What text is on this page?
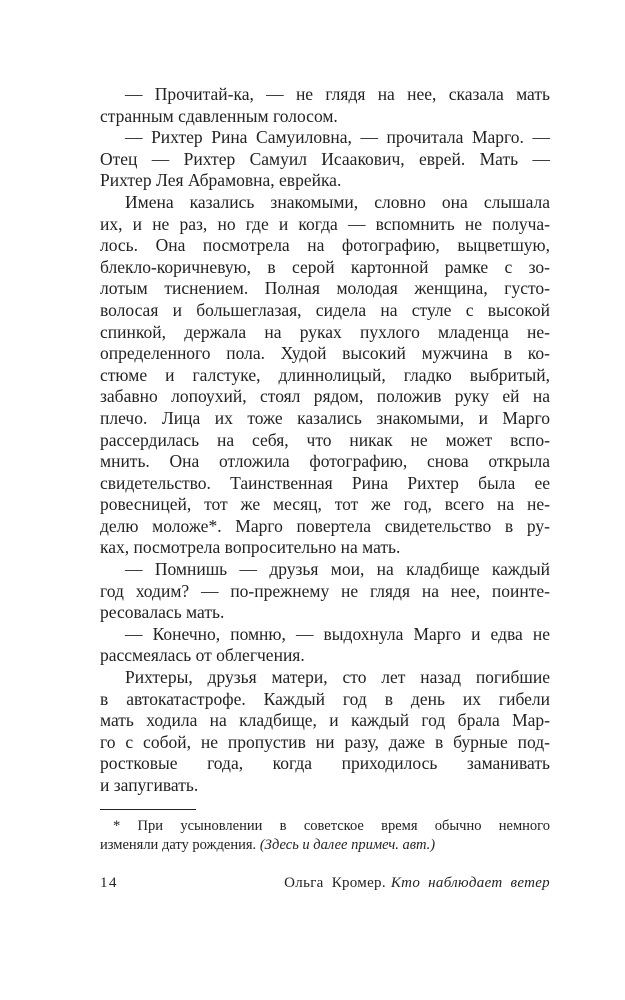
— Прочитай-ка, — не глядя на нее, сказала мать
странным сдавленным голосом.
— Рихтер Рина Самуиловна, — прочитала Марго. —
Отец — Рихтер Самуил Исаакович, еврей. Мать —
Рихтер Лея Абрамовна, еврейка.
Имена казались знакомыми, словно она слышала
их, и не раз, но где и когда — вспомнить не получа-
лось. Она посмотрела на фотографию, выцветшую,
блекло-коричневую, в серой картонной рамке с зо-
лотым тиснением. Полная молодая женщина, густо-
волосая и большеглазая, сидела на стуле с высокой
спинкой, держала на руках пухлого младенца не-
определенного пола. Худой высокий мужчина в ко-
стюме и галстуке, длиннолицый, гладко выбритый,
забавно лопоухий, стоял рядом, положив руку ей на
плечо. Лица их тоже казались знакомыми, и Марго
рассердилась на себя, что никак не может вспо-
мнить. Она отложила фотографию, снова открыла
свидетельство. Таинственная Рина Рихтер была ее
ровесницей, тот же месяц, тот же год, всего на не-
делю моложе*. Марго повертела свидетельство в ру-
ках, посмотрела вопросительно на мать.
— Помнишь — друзья мои, на кладбище каждый
год ходим? — по-прежнему не глядя на нее, поинте-
ресовалась мать.
— Конечно, помню, — выдохнула Марго и едва не
рассмеялась от облегчения.
Рихтеры, друзья матери, сто лет назад погибшие
в автокатастрофе. Каждый год в день их гибели
мать ходила на кладбище, и каждый год брала Мар-
го с собой, не пропустив ни разу, даже в бурные под-
ростковые года, когда приходилось заманивать
и запугивать.
* При усыновлении в советское время обычно немного
изменяли дату рождения. (Здесь и далее примеч. авт.)
14	Ольга Кромер. Кто наблюдает ветер
